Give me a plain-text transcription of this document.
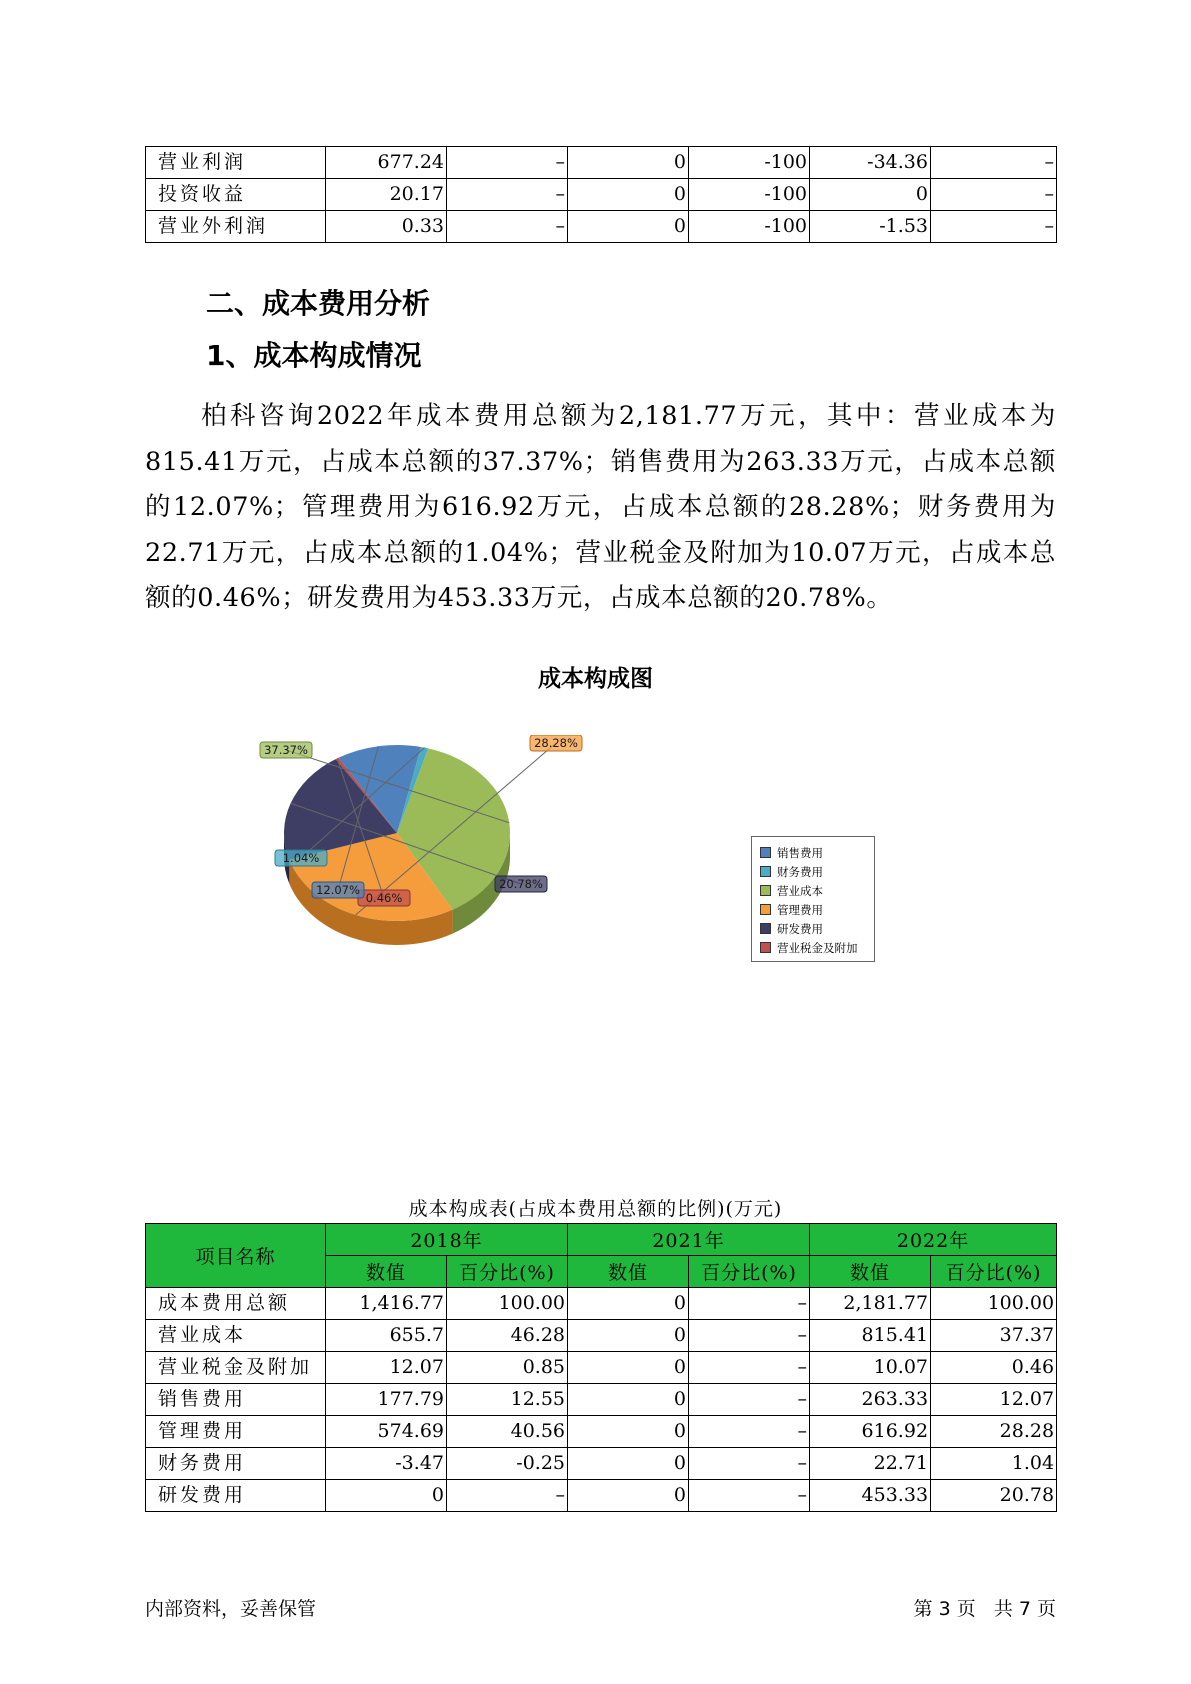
营业利润	677.24	–	0	-100	-34.36	–
投资收益	20.17	–	0	-100	0	–
营业外利润	0.33	–	0	-100	-1.53	–
二、成本费用分析
1、成本构成情况

柏科咨询2022年成本费用总额为2,181.77万元，其中：营业成本为815.41万元，占成本总额的37.37%；销售费用为263.33万元，占成本总额的12.07%；管理费用为616.92万元，占成本总额的28.28%；财务费用为22.71万元，占成本总额的1.04%；营业税金及附加为10.07万元，占成本总额的0.46%；研发费用为453.33万元，占成本总额的20.78%。

成本构成图
37.37%	28.28%
20.78%
0.46%
12.07%
1.04%	销售费用
财务费用
营业成本
管理费用
研发费用
营业税金及附加
成本构成表(占成本费用总额的比例)(万元)
项目名称	2018年		2021年		2022年	
	数值	百分比(%)	数值	百分比(%)	数值	百分比(%)
成本费用总额	1,416.77	100.00	0	–	2,181.77	100.00
营业成本	655.7	46.28	0	–	815.41	37.37
营业税金及附加	12.07	0.85	0	–	10.07	0.46
销售费用	177.79	12.55	0	–	263.33	12.07
管理费用	574.69	40.56	0	–	616.92	28.28
财务费用	-3.47	-0.25	0	–	22.71	1.04
研发费用	0	–	0	–	453.33	20.78
内部资料，妥善保管	第 3 页   共 7 页
